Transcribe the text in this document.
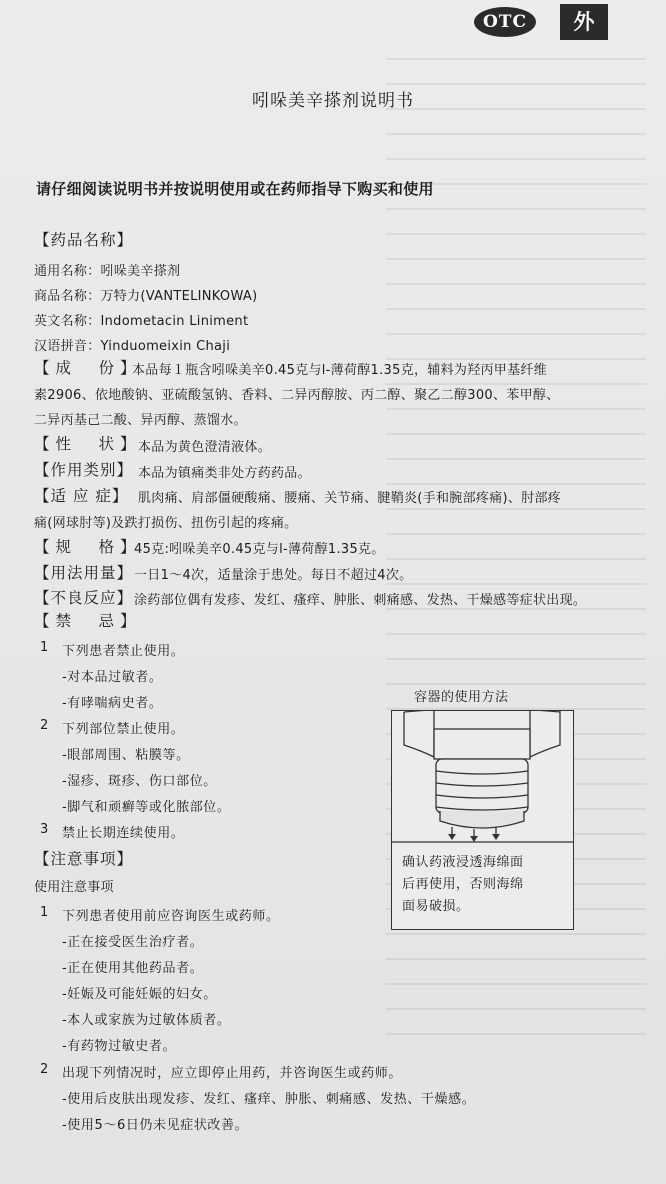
OTC	外
吲哚美辛搽剂说明书
请仔细阅读说明书并按说明使用或在药师指导下购买和使用
【药品名称】
通用名称：吲哚美辛搽剂
商品名称：万特力(VANTELINKOWA)
英文名称：Indometacin Liniment
汉语拼音：Yinduomeixin Chaji
【成　份】
本品每１瓶含吲哚美辛0.45克与l-薄荷醇1.35克，辅料为羟丙甲基纤维
素2906、依地酸钠、亚硫酸氢钠、香料、二异丙醇胺、丙二醇、聚乙二醇300、苯甲醇、
二异丙基己二酸、异丙醇、蒸馏水。
【性　状】
本品为黄色澄清液体。
【作用类别】 本品为镇痛类非处方药药品。
【适 应 症】 肌肉痛、肩部僵硬酸痛、腰痛、关节痛、腱鞘炎(手和腕部疼痛)、肘部疼
痛(网球肘等)及跌打损伤、扭伤引起的疼痛。
【规　格】
45克:吲哚美辛0.45克与l-薄荷醇1.35克。
【用法用量】 一日1～4次，适量涂于患处。每日不超过4次。
【不良反应】 涂药部位偶有发疹、发红、瘙痒、肿胀、刺痛感、发热、干燥感等症状出现。
【禁　忌】
1 下列患者禁止使用。
-对本品过敏者。
-有哮喘病史者。
2 下列部位禁止使用。
-眼部周围、粘膜等。
-湿疹、斑疹、伤口部位。
-脚气和顽癣等或化脓部位。
3 禁止长期连续使用。
容器的使用方法
确认药液浸透海绵面
后再使用，否则海绵
面易破损。
【注意事项】
使用注意事项
1 下列患者使用前应咨询医生或药师。
-正在接受医生治疗者。
-正在使用其他药品者。
-妊娠及可能妊娠的妇女。
-本人或家族为过敏体质者。
-有药物过敏史者。
2 出现下列情况时，应立即停止用药，并咨询医生或药师。
-使用后皮肤出现发疹、发红、瘙痒、肿胀、刺痛感、发热、干燥感。
-使用5～6日仍未见症状改善。
